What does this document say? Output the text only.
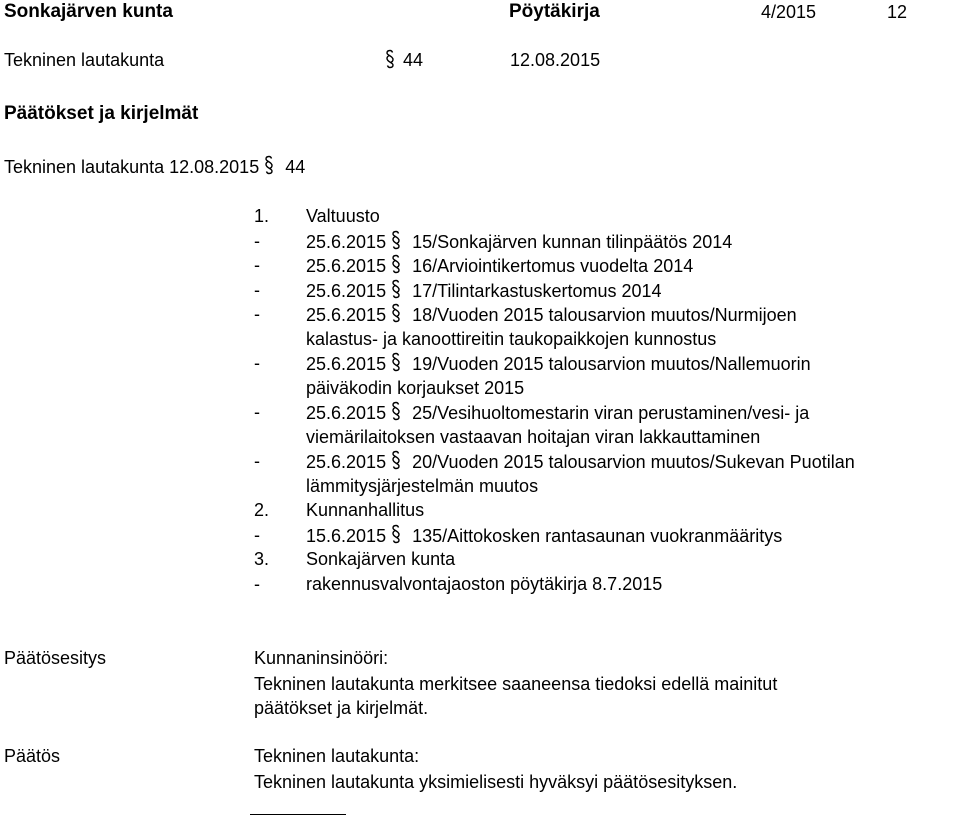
Sonkajärven kunta	Pöytäkirja	4/2015	12
Tekninen lautakunta	44	12.08.2015
Päätökset ja kirjelmät
Tekninen lautakunta 12.08.2015 44
1.	Valtuusto
-	25.6.2015 15/Sonkajärven kunnan tilinpäätös 2014
-	25.6.2015 16/Arviointikertomus vuodelta 2014
-	25.6.2015 17/Tilintarkastuskertomus 2014
-	25.6.2015 18/Vuoden 2015 talousarvion muutos/Nurmijoen
kalastus- ja kanoottireitin taukopaikkojen kunnostus
-	25.6.2015 19/Vuoden 2015 talousarvion muutos/Nallemuorin
päiväkodin korjaukset 2015
-	25.6.2015 25/Vesihuoltomestarin viran perustaminen/vesi- ja
viemärilaitoksen vastaavan hoitajan viran lakkauttaminen
-	25.6.2015 20/Vuoden 2015 talousarvion muutos/Sukevan Puotilan
lämmitysjärjestelmän muutos
2.	Kunnanhallitus
-	15.6.2015 135/Aittokosken rantasaunan vuokranmääritys
3.	Sonkajärven kunta
-	rakennusvalvontajaoston pöytäkirja 8.7.2015
Päätösesitys	Kunnaninsinööri:
Tekninen lautakunta merkitsee saaneensa tiedoksi edellä mainitut
päätökset ja kirjelmät.
Päätös	Tekninen lautakunta:
Tekninen lautakunta yksimielisesti hyväksyi päätösesityksen.
